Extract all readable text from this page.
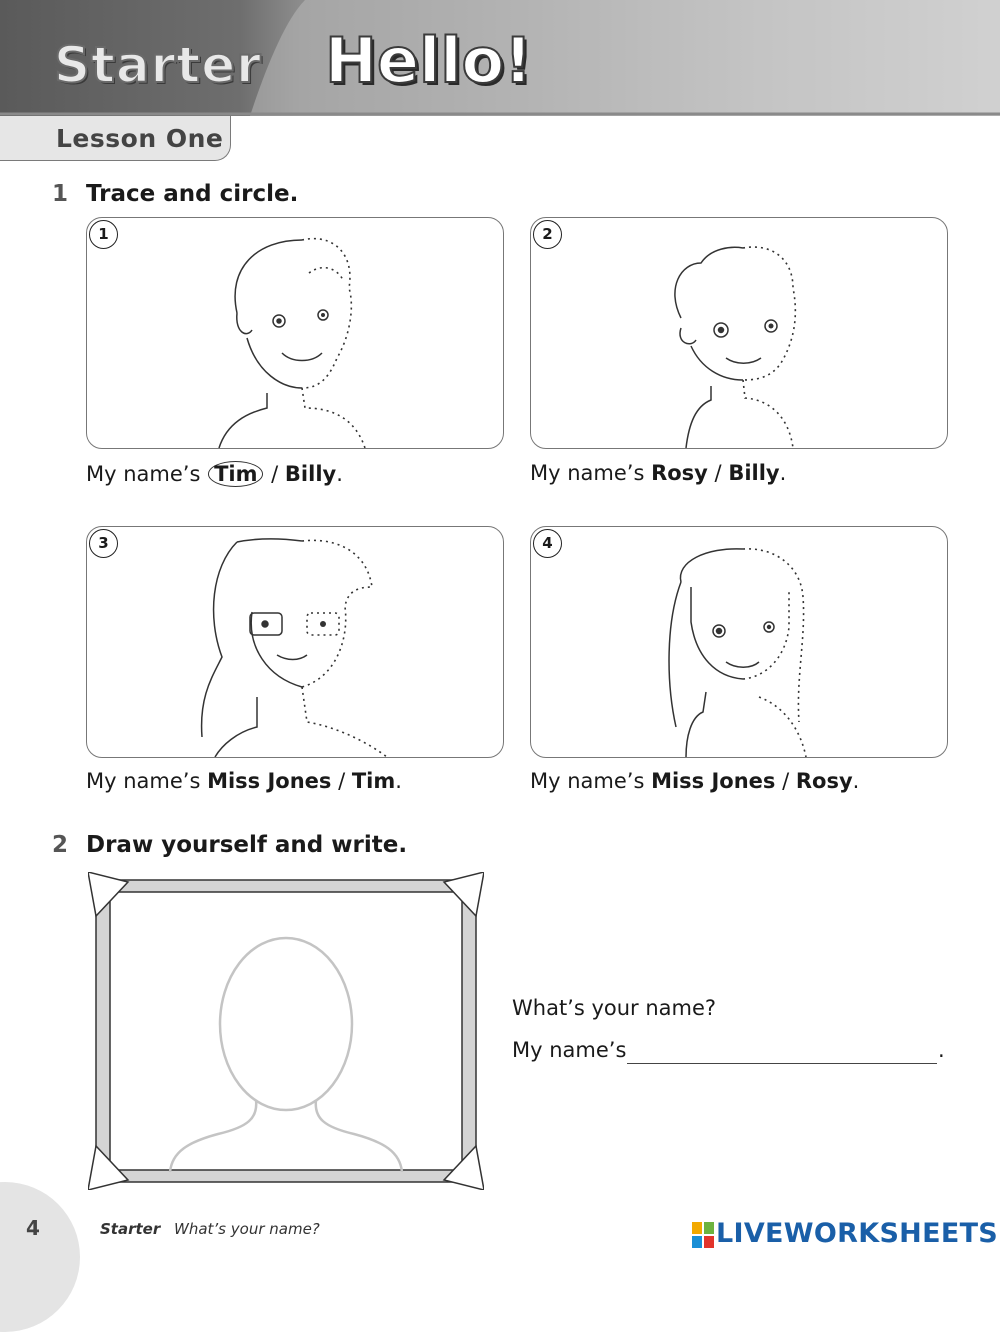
Starter Hello!
Lesson One
1 Trace and circle.
1	2
My name’s Tim / Billy.	My name’s Rosy / Billy.
3	4
My name’s Miss Jones / Tim.	My name’s Miss Jones / Rosy.
2 Draw yourself and write.
What’s your name?
My name’s	.
4	Starter What’s your name?	LIVEWORKSHEETS
